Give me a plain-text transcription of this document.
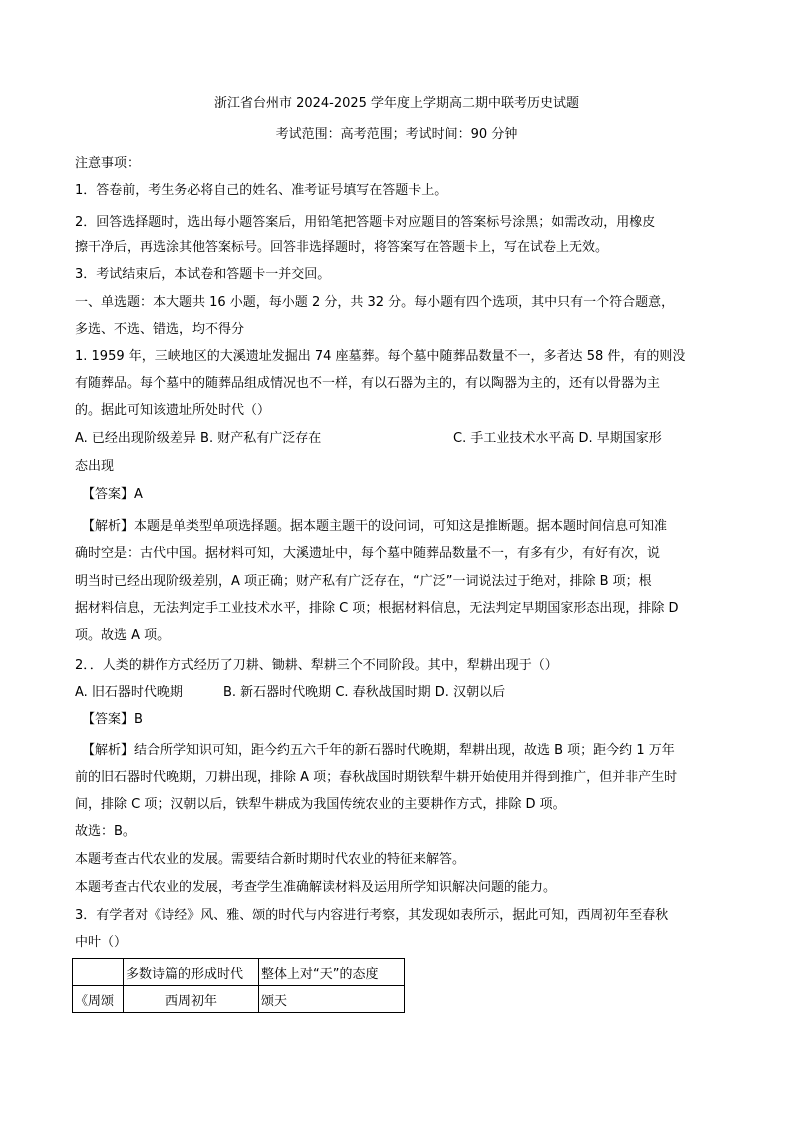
浙江省台州市 2024-2025 学年度上学期高二期中联考历史试题
考试范围：高考范围；考试时间：90 分钟
注意事项：
1．答卷前，考生务必将自己的姓名、准考证号填写在答题卡上。
2．回答选择题时，选出每小题答案后，用铅笔把答题卡对应题目的答案标号涂黑；如需改动，用橡皮
擦干净后，再选涂其他答案标号。回答非选择题时，将答案写在答题卡上，写在试卷上无效。
3．考试结束后，本试卷和答题卡一并交回。
一、单选题：本大题共 16 小题，每小题 2 分，共 32 分。每小题有四个选项，其中只有一个符合题意，
多选、不选、错选，均不得分
1. 1959 年，三峡地区的大溪遗址发掘出 74 座墓葬。每个墓中随葬品数量不一，多者达 58 件，有的则没
有随葬品。每个墓中的随葬品组成情况也不一样，有以石器为主的，有以陶器为主的，还有以骨器为主
的。据此可知该遗址所处时代（）
A. 已经出现阶级差异 B. 财产私有广泛存在	C. 手工业技术水平高 D. 早期国家形
态出现
【答案】A
【解析】本题是单类型单项选择题。据本题主题干的设问词，可知这是推断题。据本题时间信息可知准
确时空是：古代中国。据材料可知，大溪遗址中，每个墓中随葬品数量不一，有多有少，有好有次，说
明当时已经出现阶级差别，A 项正确；财产私有广泛存在，“广泛”一词说法过于绝对，排除 B 项；根
据材料信息，无法判定手工业技术水平，排除 C 项；根据材料信息，无法判定早期国家形态出现，排除 D
项。故选 A 项。
2．．人类的耕作方式经历了刀耕、锄耕、犁耕三个不同阶段。其中，犁耕出现于（）
A. 旧石器时代晚期	B. 新石器时代晚期 C. 春秋战国时期 D. 汉朝以后
【答案】B
【解析】结合所学知识可知，距今约五六千年的新石器时代晚期，犁耕出现，故选 B 项；距今约 1 万年
前的旧石器时代晚期，刀耕出现，排除 A 项；春秋战国时期铁犁牛耕开始使用并得到推广，但并非产生时
间，排除 C 项；汉朝以后，铁犁牛耕成为我国传统农业的主要耕作方式，排除 D 项。
故选：B。
本题考查古代农业的发展。需要结合新时期时代农业的特征来解答。
本题考查古代农业的发展，考查学生准确解读材料及运用所学知识解决问题的能力。
3．有学者对《诗经》风、雅、颂的时代与内容进行考察，其发现如表所示，据此可知，西周初年至春秋
中叶（）
	多数诗篇的形成时代	整体上对“天”的态度
《周颂	西周初年	颂天
